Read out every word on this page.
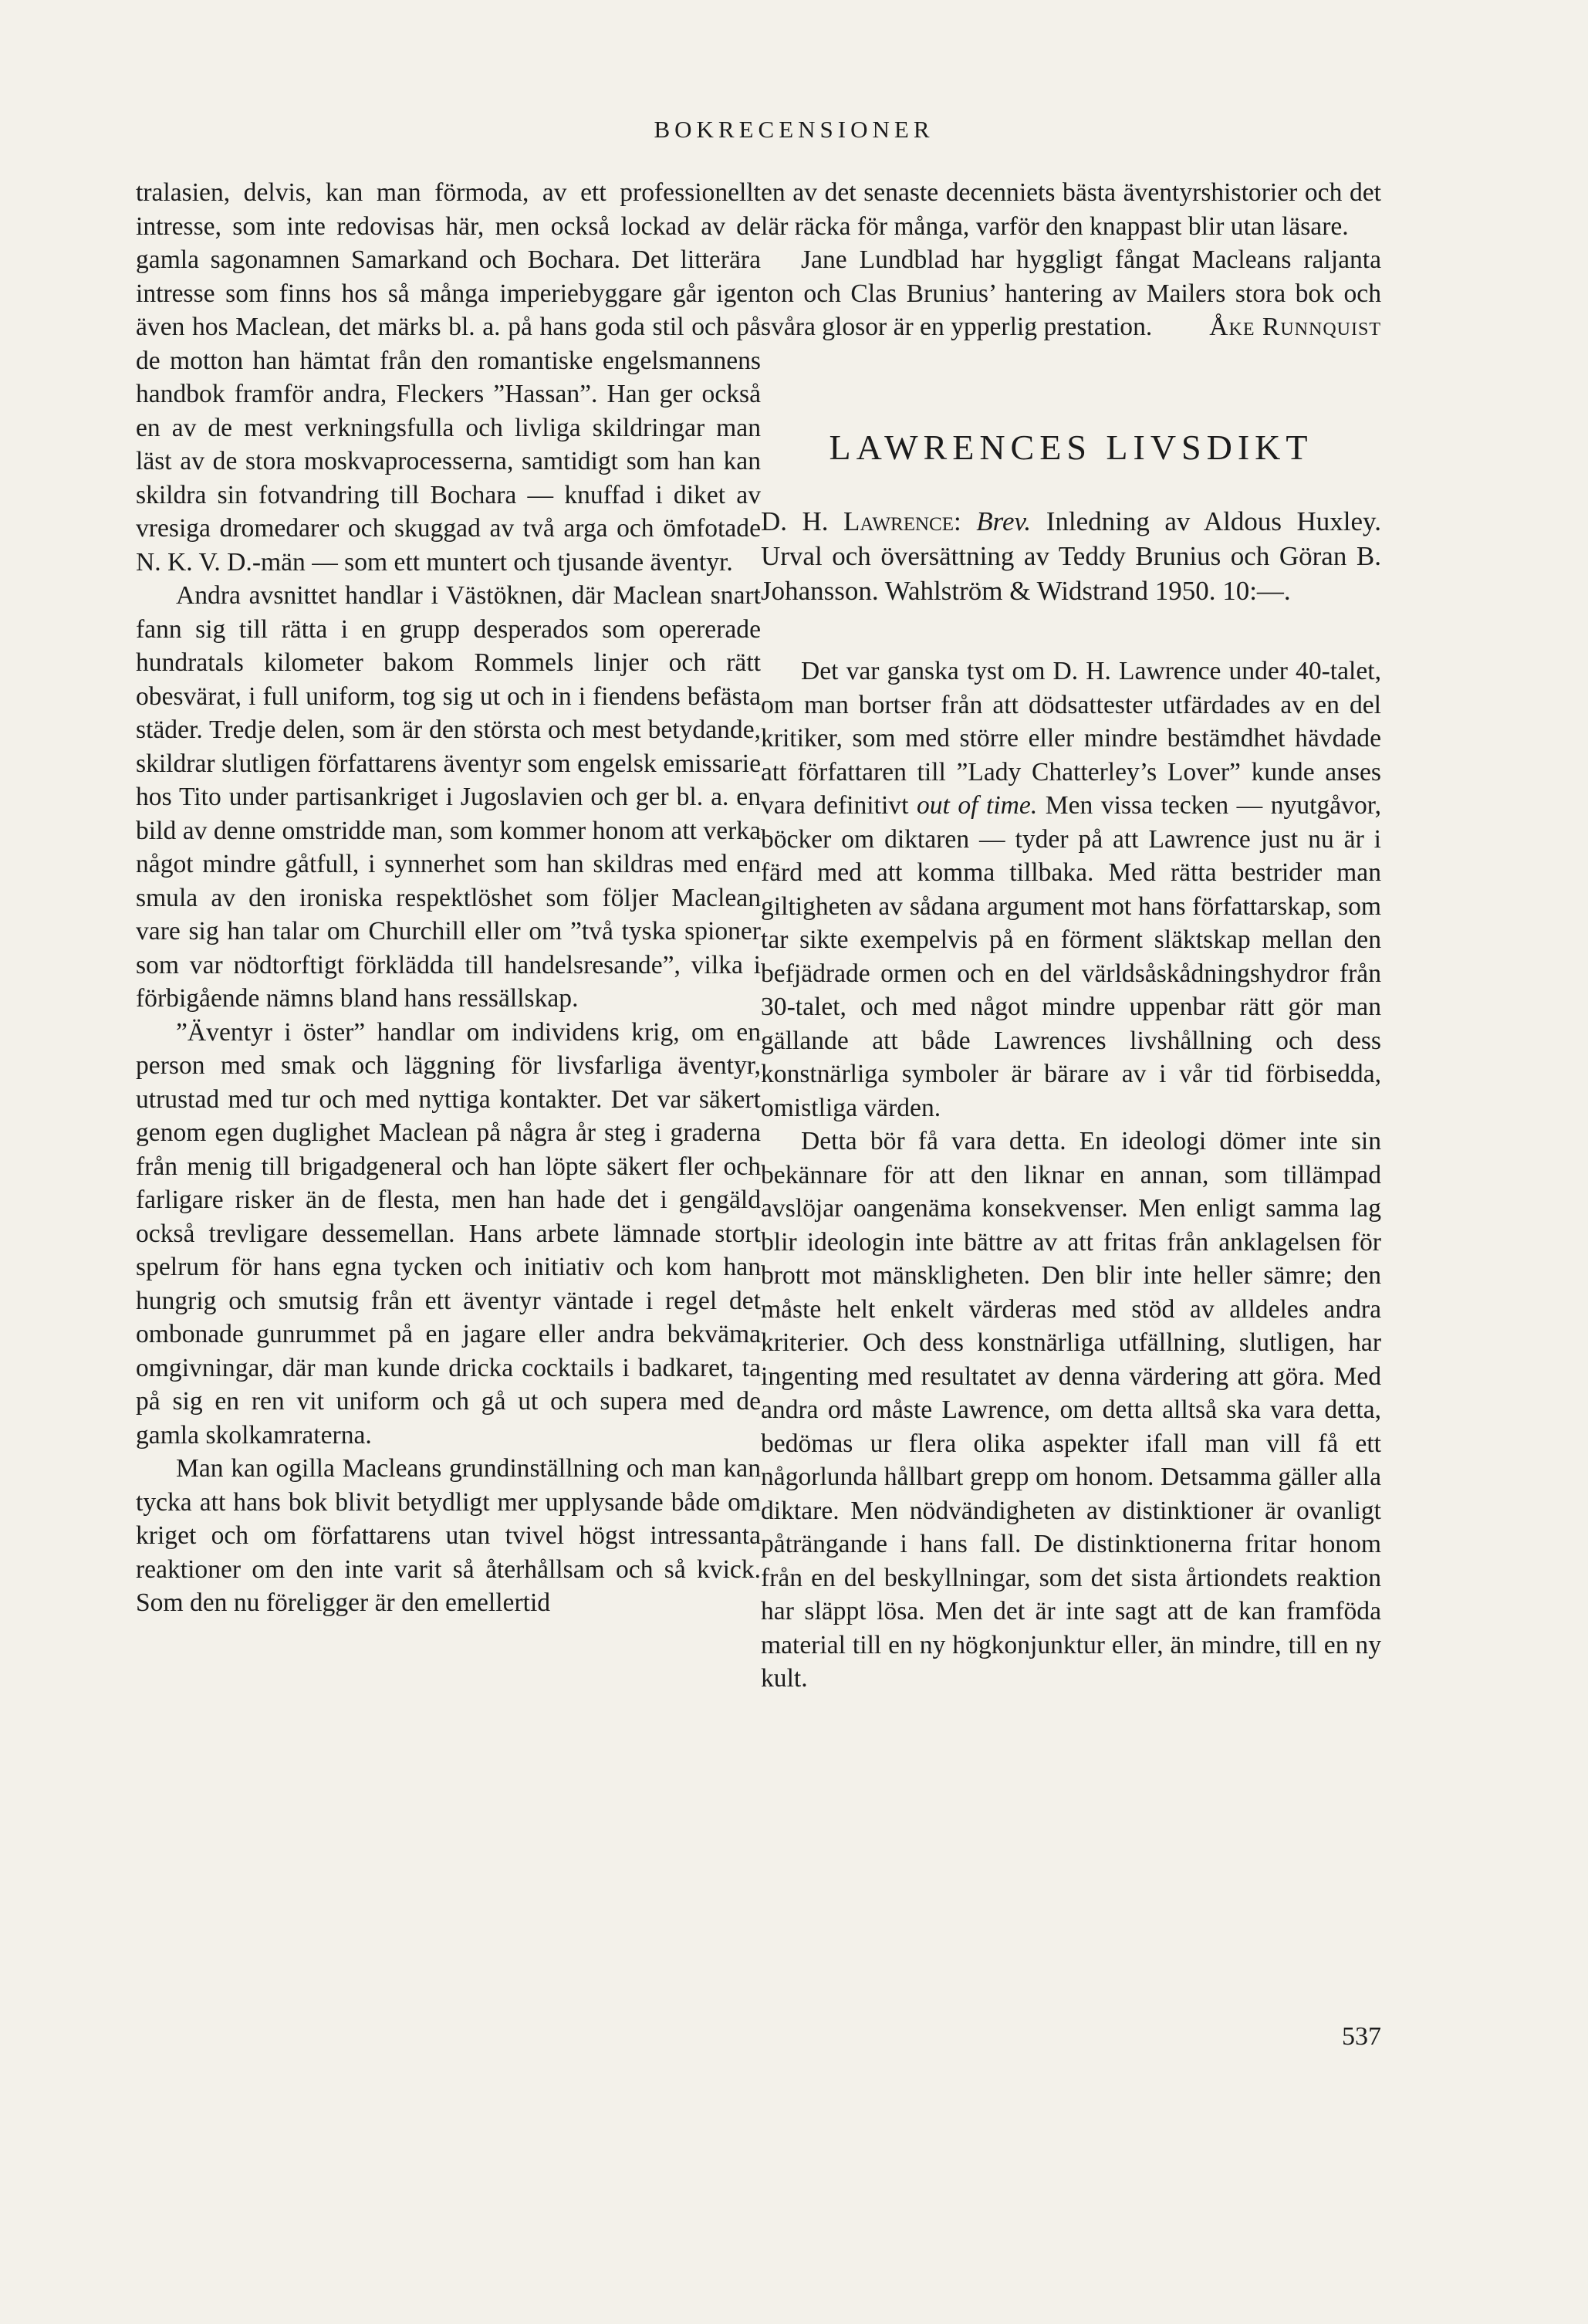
BOKRECENSIONER

tralasien, delvis, kan man förmoda, av ett professionellt intresse, som inte redovisas här, men också lockad av de gamla sagonamnen Samarkand och Bochara. Det litterära intresse som finns hos så många imperiebyggare går igen även hos Maclean, det märks bl. a. på hans goda stil och på de motton han hämtat från den romantiske engelsmannens handbok framför andra, Fleckers ”Hassan”. Han ger också en av de mest verkningsfulla och livliga skildringar man läst av de stora moskvaprocesserna, samtidigt som han kan skildra sin fotvandring till Bochara — knuffad i diket av vresiga dromedarer och skuggad av två arga och ömfotade N. K. V. D.-män — som ett muntert och tjusande äventyr.

Andra avsnittet handlar i Västöknen, där Maclean snart fann sig till rätta i en grupp desperados som opererade hundratals kilometer bakom Rommels linjer och rätt obesvärat, i full uniform, tog sig ut och in i fiendens befästa städer. Tredje delen, som är den största och mest betydande, skildrar slutligen författarens äventyr som engelsk emissarie hos Tito under partisankriget i Jugoslavien och ger bl. a. en bild av denne omstridde man, som kommer honom att verka något mindre gåtfull, i synnerhet som han skildras med en smula av den ironiska respektlöshet som följer Maclean vare sig han talar om Churchill eller om ”två tyska spioner som var nödtorftigt förklädda till handelsresande”, vilka i förbigående nämns bland hans ressällskap.

”Äventyr i öster” handlar om individens krig, om en person med smak och läggning för livsfarliga äventyr, utrustad med tur och med nyttiga kontakter. Det var säkert genom egen duglighet Maclean på några år steg i graderna från menig till brigadgeneral och han löpte säkert fler och farligare risker än de flesta, men han hade det i gengäld också trevligare dessemellan. Hans arbete lämnade stort spelrum för hans egna tycken och initiativ och kom han hungrig och smutsig från ett äventyr väntade i regel det ombonade gunrummet på en jagare eller andra bekväma omgivningar, där man kunde dricka cocktails i badkaret, ta på sig en ren vit uniform och gå ut och supera med de gamla skolkamraterna.

Man kan ogilla Macleans grundinställning och man kan tycka att hans bok blivit betydligt mer upplysande både om kriget och om författarens utan tvivel högst intressanta reaktioner om den inte varit så återhållsam och så kvick. Som den nu föreligger är den emellertid

en av det senaste decenniets bästa äventyrshistorier och det lär räcka för många, varför den knappast blir utan läsare.

Jane Lundblad har hyggligt fångat Macleans raljanta ton och Clas Brunius’ hantering av Mailers stora bok och svåra glosor är en ypperlig prestation.	Åke Runnquist

LAWRENCES LIVSDIKT

D. H. Lawrence: Brev. Inledning av Aldous Huxley. Urval och översättning av Teddy Brunius och Göran B. Johansson. Wahlström & Widstrand 1950. 10:—.

Det var ganska tyst om D. H. Lawrence under 40-talet, om man bortser från att dödsattester utfärdades av en del kritiker, som med större eller mindre bestämdhet hävdade att författaren till ”Lady Chatterley’s Lover” kunde anses vara definitivt out of time. Men vissa tecken — nyutgåvor, böcker om diktaren — tyder på att Lawrence just nu är i färd med att komma tillbaka. Med rätta bestrider man giltigheten av sådana argument mot hans författarskap, som tar sikte exempelvis på en förment släktskap mellan den befjädrade ormen och en del världsåskådningshydror från 30-talet, och med något mindre uppenbar rätt gör man gällande att både Lawrences livshållning och dess konstnärliga symboler är bärare av i vår tid förbisedda, omistliga värden.

Detta bör få vara detta. En ideologi dömer inte sin bekännare för att den liknar en annan, som tillämpad avslöjar oangenäma konsekvenser. Men enligt samma lag blir ideologin inte bättre av att fritas från anklagelsen för brott mot mänskligheten. Den blir inte heller sämre; den måste helt enkelt värderas med stöd av alldeles andra kriterier. Och dess konstnärliga utfällning, slutligen, har ingenting med resultatet av denna värdering att göra. Med andra ord måste Lawrence, om detta alltså ska vara detta, bedömas ur flera olika aspekter ifall man vill få ett någorlunda hållbart grepp om honom. Detsamma gäller alla diktare. Men nödvändigheten av distinktioner är ovanligt påträngande i hans fall. De distinktionerna fritar honom från en del beskyllningar, som det sista årtiondets reaktion har släppt lösa. Men det är inte sagt att de kan framföda material till en ny högkonjunktur eller, än mindre, till en ny kult.

537
